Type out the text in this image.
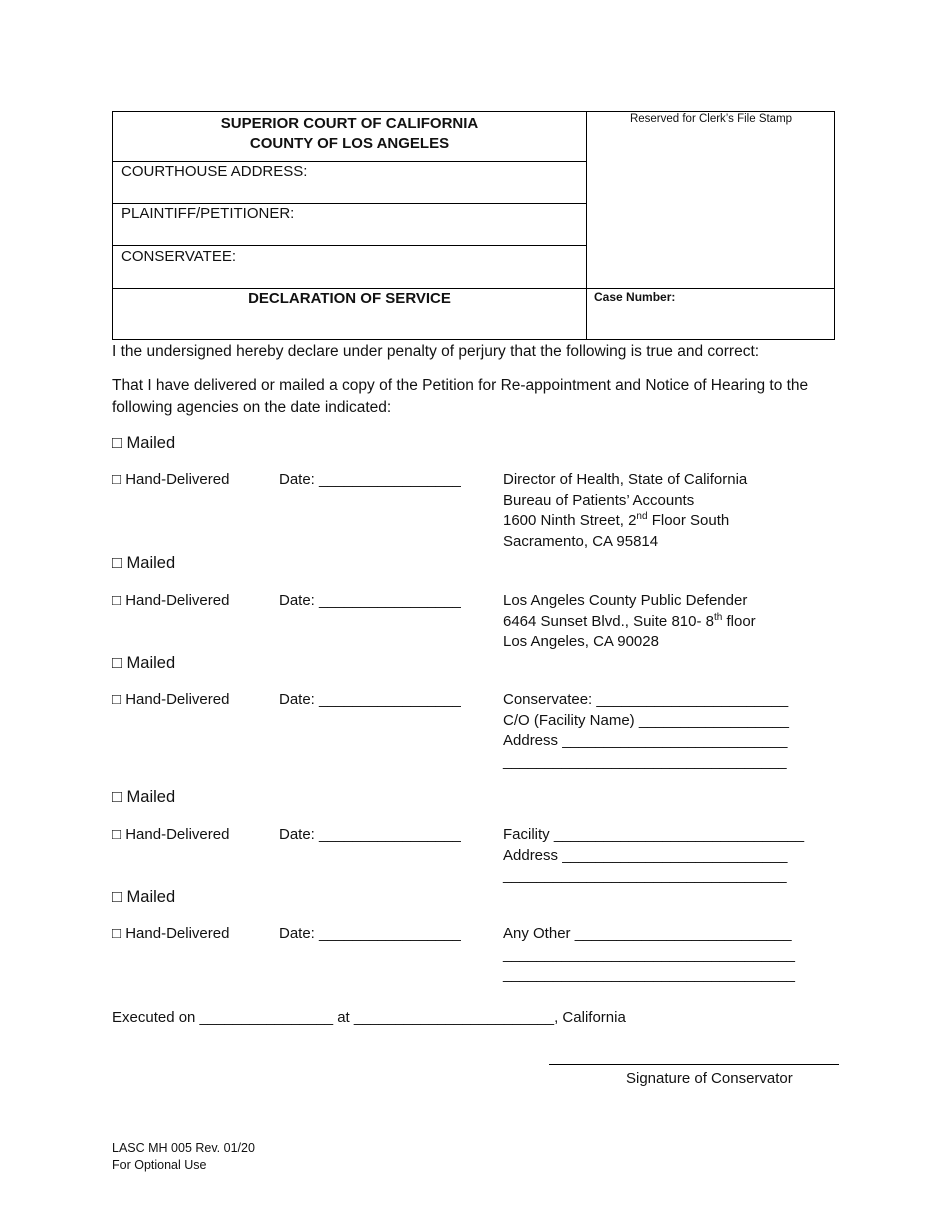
SUPERIOR COURT OF CALIFORNIA
COUNTY OF LOS ANGELES
COURTHOUSE ADDRESS:
PLAINTIFF/PETITIONER:
CONSERVATEE:
Reserved for Clerk’s File Stamp
DECLARATION OF SERVICE	Case Number:
I the undersigned hereby declare under penalty of perjury that the following is true and correct:
That I have delivered or mailed a copy of the Petition for Re-appointment and Notice of Hearing to the following agencies on the date indicated:
□ Mailed
□ Hand-Delivered	Date: _________________	Director of Health, State of California
Bureau of Patients’ Accounts
1600 Ninth Street, 2nd Floor South
Sacramento, CA 95814
□ Mailed
□ Hand-Delivered	Date: _________________	Los Angeles County Public Defender
6464 Sunset Blvd., Suite 810- 8th floor
Los Angeles, CA 90028
□ Mailed
□ Hand-Delivered	Date: _________________	Conservatee: _______________________
C/O (Facility Name) __________________
Address ___________________________
__________________________________
□ Mailed
□ Hand-Delivered	Date: _________________	Facility ______________________________
Address ___________________________
__________________________________
□ Mailed
□ Hand-Delivered	Date: _________________	Any Other __________________________
___________________________________
___________________________________
Executed on ________________ at ________________________, California
Signature of Conservator
LASC MH 005 Rev. 01/20
For Optional Use
